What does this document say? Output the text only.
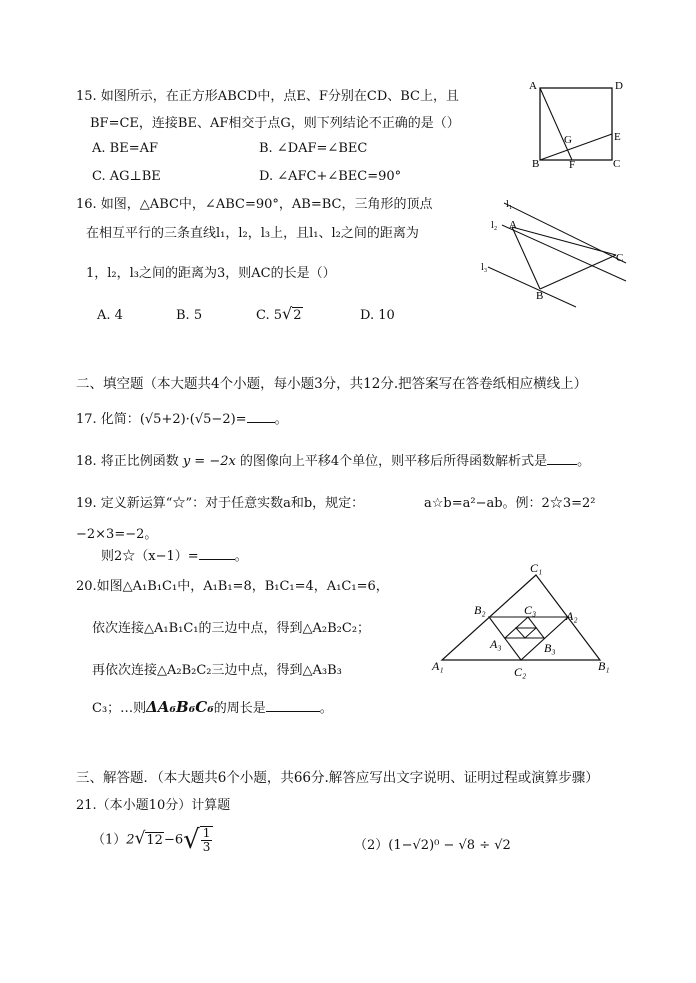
15. 如图所示，在正方形ABCD中，点E、F分别在CD、BC上，且
BF=CE，连接BE、AF相交于点G，则下列结论不正确的是（）
A. BE=AF	B. ∠DAF=∠BEC
C. AG⊥BE	D. ∠AFC+∠BEC=90°
A	D
B	C
E
F
G
16. 如图，△ABC中，∠ABC=90°，AB=BC，三角形的顶点
在相互平行的三条直线l₁，l₂，l₃上，且l₁、l₂之间的距离为
1，l₂，l₃之间的距离为3，则AC的长是（）
A. 4	B. 5	C. 5√2	D. 10
l₁
l₂
l₃
A
C
B
二、填空题（本大题共4个小题，每小题3分，共12分.把答案写在答卷纸相应横线上）
17. 化简：(√5+2)·(√5−2)= 。
18. 将正比例函数 y = −2x 的图像向上平移4个单位，则平移后所得函数解析式是 。
19. 定义新运算“☆”：对于任意实数a和b，规定：	a☆b=a²−ab。例：2☆3=2²
−2×3=−2。
则2☆（x−1）=	。
20.如图△A₁B₁C₁中，A₁B₁=8，B₁C₁=4，A₁C₁=6，
依次连接△A₁B₁C₁的三边中点，得到△A₂B₂C₂；
再依次连接△A₂B₂C₂三边中点，得到△A₃B₃
C₃；…则ΔA₆B₆C₆的周长是	。
C₁
A₁	B₁
B₂	A₂
C₂
C₃
A₃	B₃
三、解答题．（本大题共6个小题，共66分.解答应写出文字说明、证明过程或演算步骤）
21.（本小题10分）计算题
$(1)2√12-6√ \frac{1}{3}$	（2）(1−√2)⁰ − √8 ÷ √2
